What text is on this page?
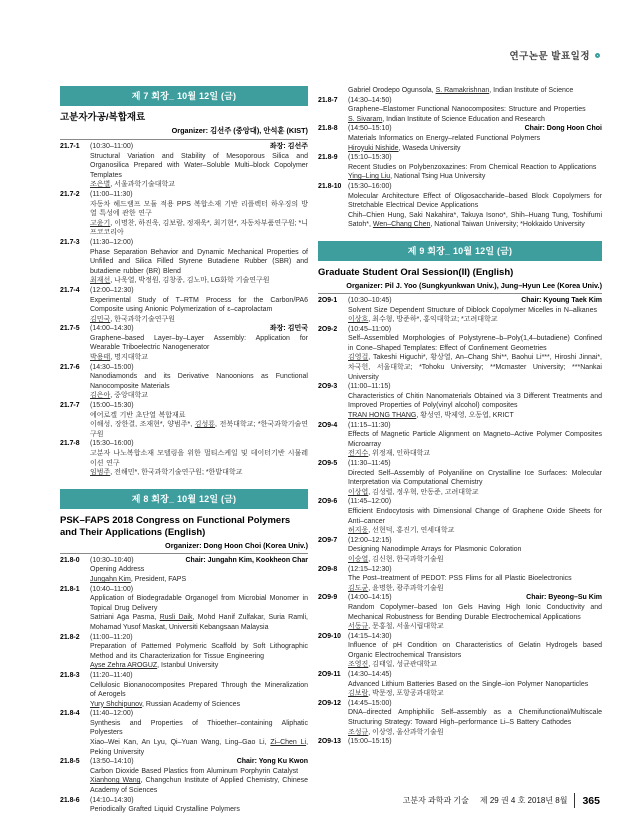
연구논문 발표일정
제 7 회장_ 10월 12일 (금)
고분자가공/복합재료
Organizer: 김선주 (중앙대), 안석훈 (KIST)
21.7-1	(10:30–11:00)	좌장: 김선주
Structural Variation and Stability of Mesoporous Silica and Organosilica Prepared with Water–Soluble Multi–block Copolymer Templates
조은별, 서울과학기술대학교
21.7-2	(11:00–11:30)
자동차 헤드램프 모듈 적용 PPS 복합소재 기반 리플렉터 하우징의 방열 특성에 관한 연구
고윤기, 이명찬, 하진욱, 김보람, 정재욱*, 최기현*, 자동차부품연구원; *니프코코리아
21.7-3	(11:30–12:00)
Phase Separation Behavior and Dynamic Mechanical Properties of Unfilled and Silica Filled Styrene Butadiene Rubber (SBR) and butadiene rubber (BR) Blend
최재선, 나욱열, 박정원, 김창종, 김노마, LG화학 기술연구원
21.7-4	(12:00–12:30)
Experimental Study of T–RTM Process for the Carbon/PA6 Composite using Anionic Polymerization of ε–caprolactam
김민국, 한국과학기술연구원
21.7-5	(14:00–14:30)	좌장: 김민국
Graphene–based Layer–by–Layer Assembly: Application for Wearable Triboelectric Nanogenerator
박용태, 명지대학교
21.7-6	(14:30–15:00)
Nanodiamonds and its Derivative Nanoonions as Functional Nanocomposite Materials
김은아, 중앙대학교
21.7-7	(15:00–15:30)
에어로겔 기반 초단열 복합재료
이해성, 장한결, 조재현*, 양범주*, 김성룡, 전북대학교; *한국과학기술연구원
21.7-8	(15:30–16:00)
고분자 나노복합소재 모델링을 위한 멀티스케일 및 데이터기반 시뮬레이션 연구
임범주, 전해민*, 한국과학기술연구원; *한밭대학교
제 8 회장_ 10월 12일 (금)
PSK–FAPS 2018 Congress on Functional Polymers and Their Applications (English)
Organizer: Dong Hoon Choi (Korea Univ.)
21.8-0	(10:30–10:40)	Chair: Jungahn Kim, Kookheon Char
Opening Address
Jungahn Kim, President, FAPS
21.8-1	(10:40–11:00)
Application of Biodegradable Organogel from Microbial Monomer in Topical Drug Delivery
Satriani Aga Pasma, Rusli Daik, Mohd Hanif Zulfakar, Suria Ramli, Mohamad Yusof Maskat, Universiti Kebangsaan Malaysia
21.8-2	(11:00–11:20)
Preparation of Patterned Polymeric Scaffold by Soft Lithographic Method and its Characterization for Tissue Engineering
Ayse Zehra AROGUZ, Istanbul University
21.8-3	(11:20–11:40)
Cellulosic Bionanocomposites Prepared Through the Mineralization of Aerogels
Yury Shchipunov, Russian Academy of Sciences
21.8-4	(11:40–12:00)
Synthesis and Properties of Thioether–containing Aliphatic Polyesters
Xiao–Wei Kan, An Lyu, Qi–Yuan Wang, Ling–Gao Li, Zi–Chen Li, Peking University
21.8-5	(13:50–14:10)	Chair: Yong Ku Kwon
Carbon Dioxide Based Plastics from Aluminum Porphyrin Catalyst
Xianhong Wang, Changchun Institute of Applied Chemistry, Chinese Academy of Sciences
21.8-6	(14:10–14:30)
Periodically Grafted Liquid Crystalline Polymers
Gabriel Orodepo Ogunsola, S. Ramakrishnan, Indian Institute of Science
21.8-7	(14:30–14:50)
Graphene–Elastomer Functional Nanocomposites: Structure and Properties
S. Sivaram, Indian Institute of Science Education and Research
21.8-8	(14:50–15:10)	Chair: Dong Hoon Choi
Materials Informatics on Energy–related Functional Polymers
Hiroyuki Nishide, Waseda University
21.8-9	(15:10–15:30)
Recent Studies on Polybenzoxazines: From Chemical Reaction to Applications
Ying–Ling Liu, National Tsing Hua University
21.8-10 (15:30–16:00)
Molecular Architecture Effect of Oligosaccharide–based Block Copolymers for Stretchable Electrical Device Applications
Chih–Chien Hung, Saki Nakahira*, Takuya Isono*, Shih–Huang Tung, Toshifumi Satoh*, Wen–Chang Chen, National Taiwan University; *Hokkaido University
제 9 회장_ 10월 12일 (금)
Graduate Student Oral Session(II) (English)
Organizer: Pil J. Yoo (Sungkyunkwan Univ.), Jung–Hyun Lee (Korea Univ.)
2O9-1	(10:30–10:45)	Chair: Kyoung Taek Kim
Solvent Size Dependent Structure of Diblock Copolymer Micelles in N–alkanes
이상호, 최수형, 방준하*, 홍익대학교; *고려대학교
2O9-2	(10:45–11:00)
Self–Assembled Morphologies of Polystyrene–b–Poly(1,4–butadiene) Confined in Cone–Shaped Templates: Effect of Confinement Geometries
김영걸, Takeshi Higuchi*, 황상열, An–Chang Shi**, Baohui Li***, Hiroshi Jinnai*, 차국헌, 서울대학교; *Tohoku University; **Mcmaster University; ***Nankai University
2O9-3	(11:00–11:15)
Characteristics of Chitin Nanomaterials Obtained via 3 Different Treatments and Improved Properties of Poly(vinyl alcohol) composites
TRAN HONG THANG, 황성연, 박제영, 오동엽, KRICT
2O9-4	(11:15–11:30)
Effects of Magnetic Particle Alignment on Magneto–Active Polymer Composites Microarray
전지수, 위정재, 인하대학교
2O9-5	(11:30–11:45)
Directed Self–Assembly of Polyaniline on Crystalline Ice Surfaces: Molecular Interpretation via Computational Chemistry
이상엽, 김성렬, 정우혁, 안동준, 고려대학교
2O9-6	(11:45–12:00)
Efficient Endocytosis with Dimensional Change of Graphene Oxide Sheets for Anti–cancer
허지웅, 선현덕, 홍진기, 연세대학교
2O9-7	(12:00–12:15)
Designing Nanodimple Arrays for Plasmonic Coloration
이승열, 김신현, 한국과학기술원
2O9-8	(12:15–12:30)
The Post–treatment of PEDOT: PSS Flims for all Plastic Bioelectronics
김도균, 윤명한, 광주과학기술원
2O9-9	(14:00–14:15)	Chair: Byeong–Su Kim
Random Copolymer–based Ion Gels Having High Ionic Conductivity and Mechanical Robustness for Bending Durable Electrochemical Applications
서동규, 문홍철, 서울시립대학교
2O9-10	(14:15–14:30)
Influence of pH Condition on Characteristics of Gelatin Hydrogels based Organic Electrochemical Transistors
조영진, 김태일, 성균관대학교
2O9-11	(14:30–14:45)
Advanced Lithium Batteries Based on the Single–ion Polymer Nanoparticles
김보람, 박문정, 포항공과대학교
2O9-12	(14:45–15:00)
DNA–directed Amphiphilic Self–assembly as a Chemifunctional/Multiscale Structuring Strategy: Toward High–performance Li–S Battery Cathodes
조성규, 이상영, 울산과학기술원
2O9-13	(15:00–15:15)
고분자 과학과 기술 제 29 권 4 호 2018년 8월 365
